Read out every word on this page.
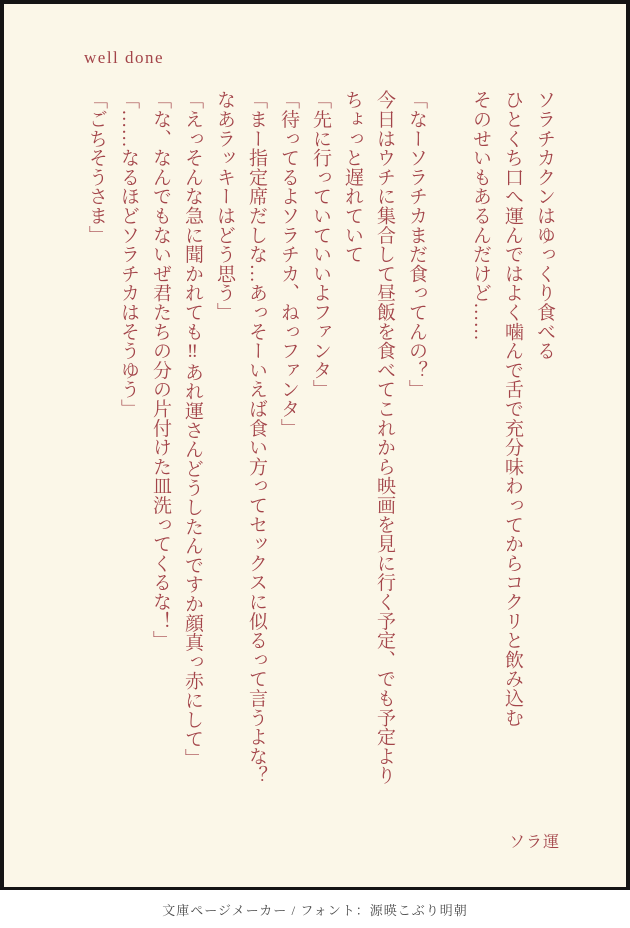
well done

ソラチカクンはゆっくり食べる

ひとくち口へ運んではよく噛んで舌で充分味わってからコクリと飲み込む

そのせいもあるんだけど……

「なーソラチカまだ食ってんの？」

今日はウチに集合して昼飯を食べてこれから映画を見に行く予定、でも予定より

ちょっと遅れていて

「先に行っていていいよファンタ」

「待ってるよソラチカ、ねっファンタ」

「まー指定席だしな…あっそーいえば食い方ってセックスに似るって言うよな？

なあラッキーはどう思う」

「えっそんな急に聞かれても‼あれ運さんどうしたんですか顔真っ赤にして」

「な、なんでもないぜ君たちの分の片付けた皿洗ってくるな！」

「……なるほどソラチカはそうゆう」

「ごちそうさま」

ソラ運
文庫ページメーカー / フォント：源暎こぶり明朝
